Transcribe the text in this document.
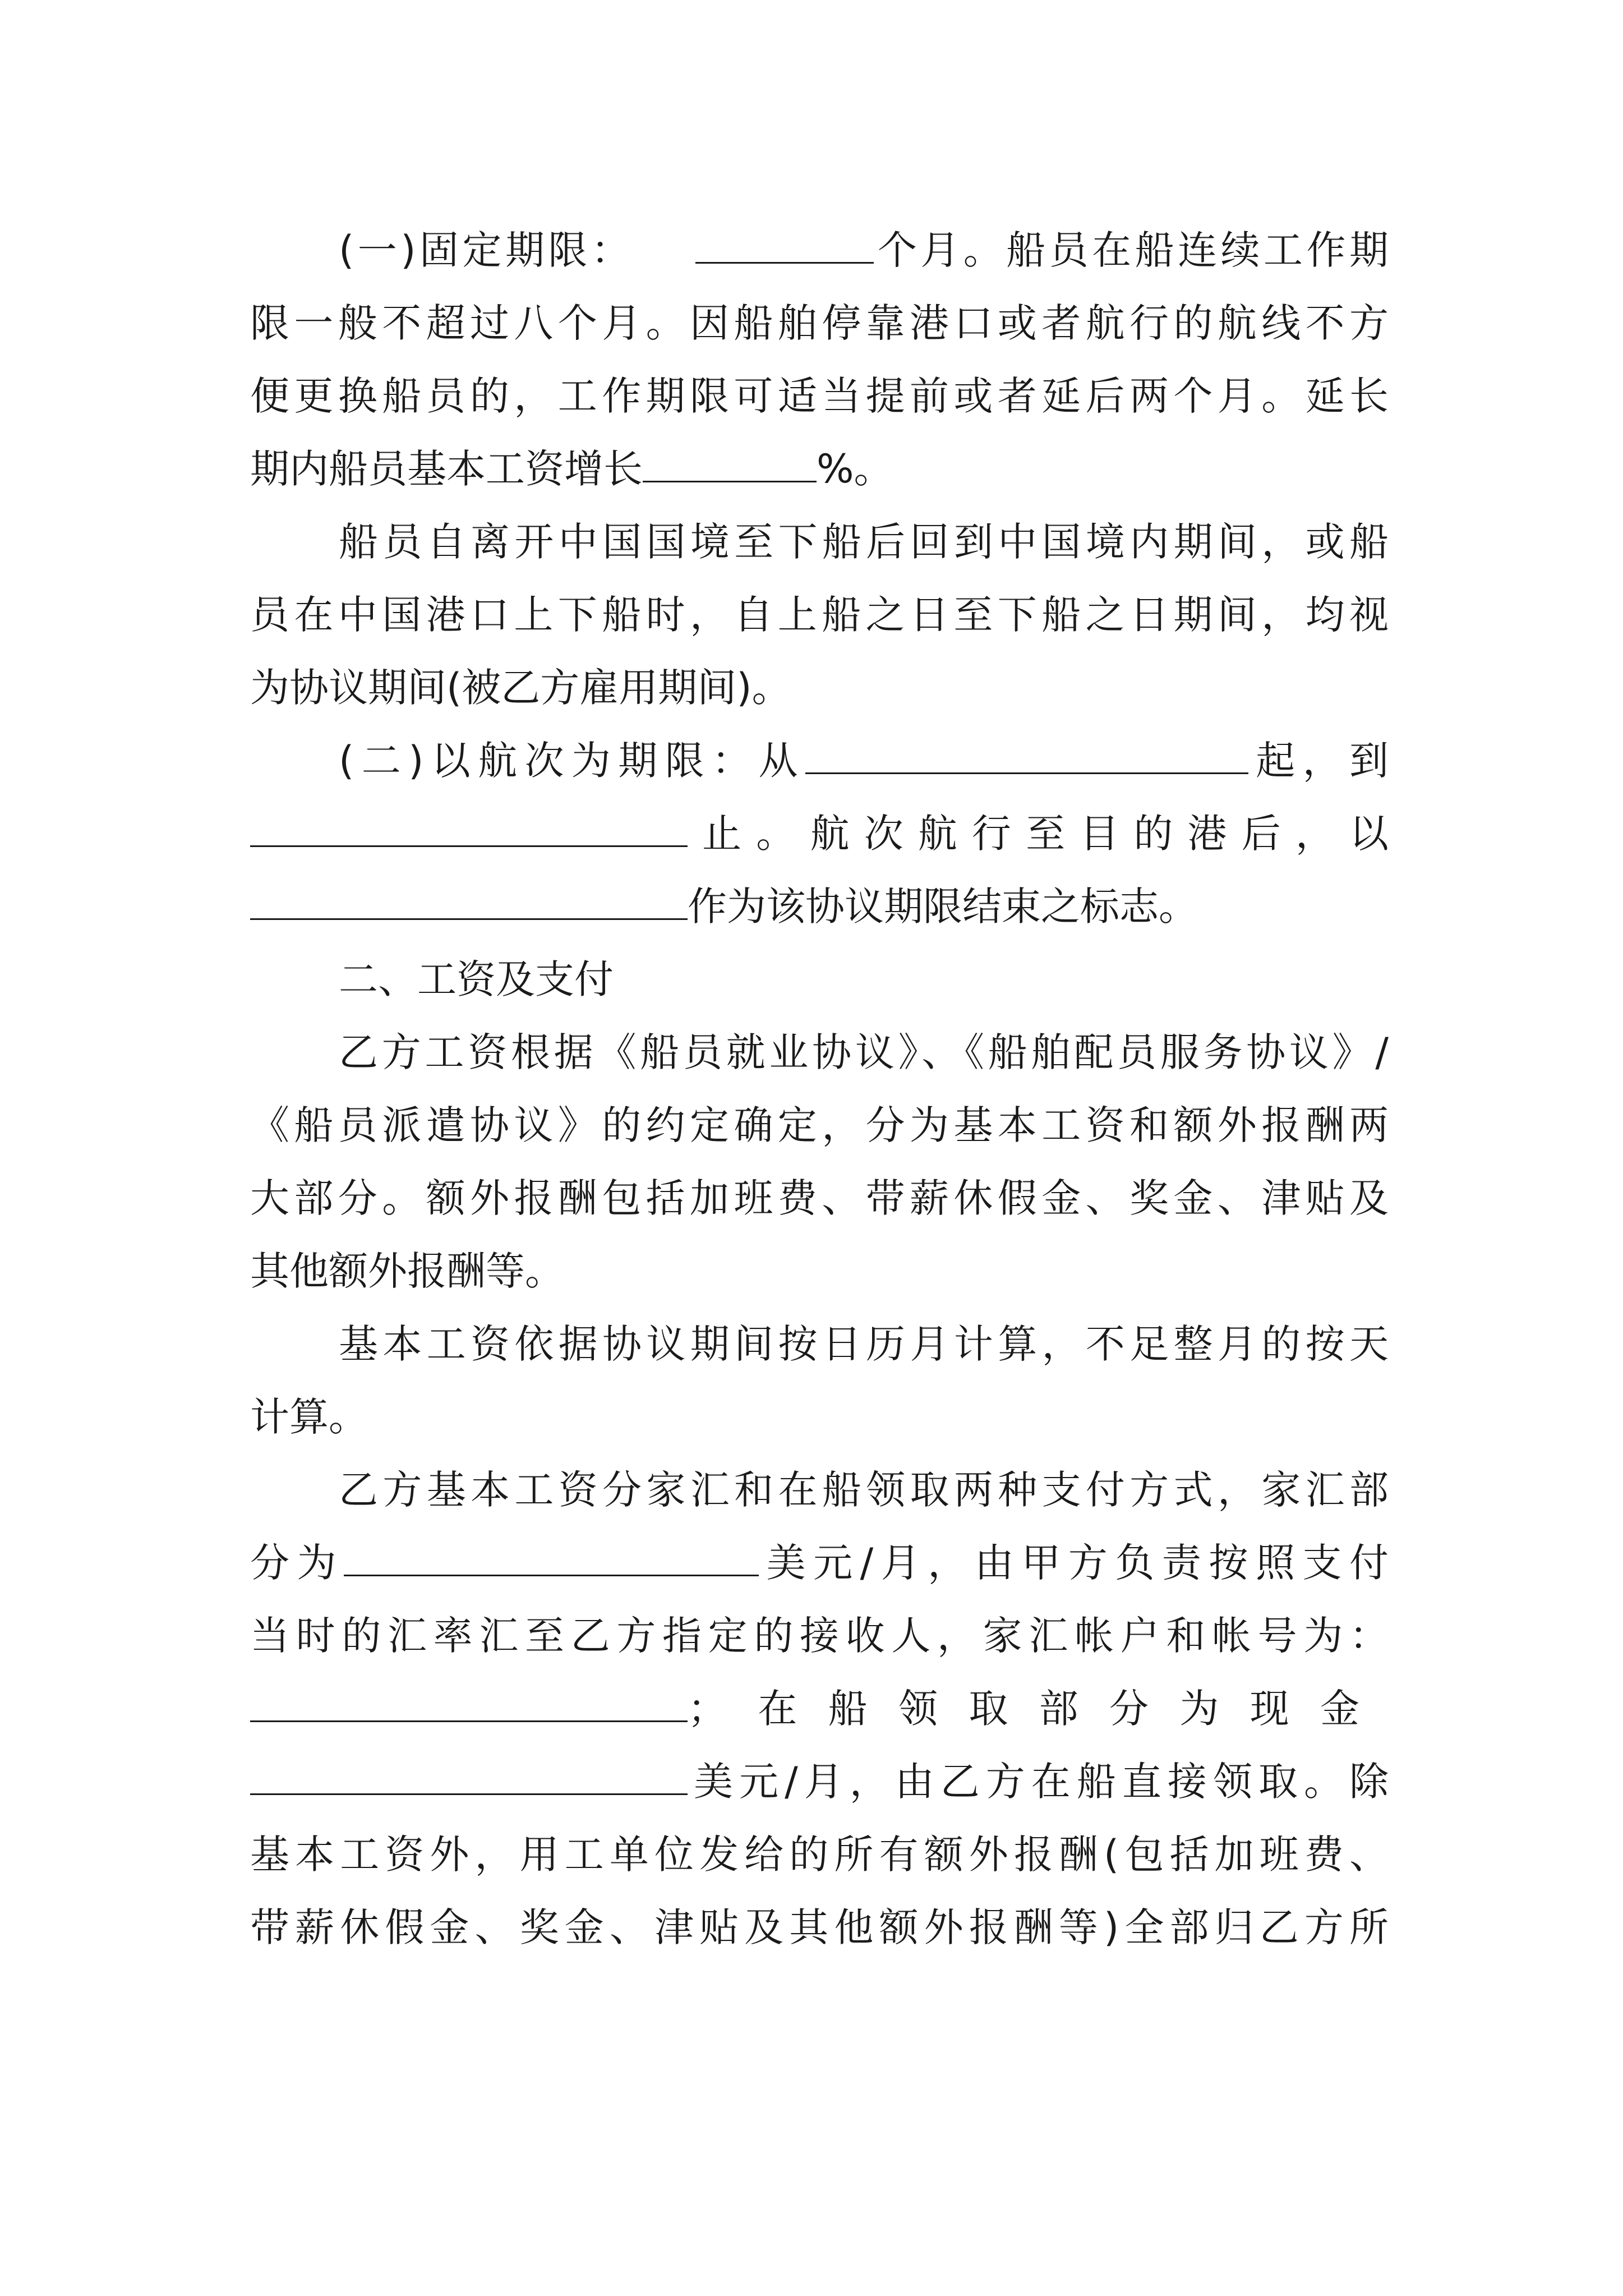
(一)固定期限：	个月。船员在船连续工作期
限一般不超过八个月。因船舶停靠港口或者航行的航线不方
便更换船员的，工作期限可适当提前或者延后两个月。延长
期内船员基本工资增长	%。
船员自离开中国国境至下船后回到中国境内期间，或船
员在中国港口上下船时，自上船之日至下船之日期间，均视
为协议期间(被乙方雇用期间)。
(二)以航次为期限：从	起，到
止。航次航行至目的港后，以
作为该协议期限结束之标志。
二、工资及支付
乙方工资根据《船员就业协议》、《船舶配员服务协议》/
《船员派遣协议》的约定确定，分为基本工资和额外报酬两
大部分。额外报酬包括加班费、带薪休假金、奖金、津贴及
其他额外报酬等。
基本工资依据协议期间按日历月计算，不足整月的按天
计算。
乙方基本工资分家汇和在船领取两种支付方式，家汇部
分为	美元/月，由甲方负责按照支付
当时的汇率汇至乙方指定的接收人，家汇帐户和帐号为：
；在船领取部分为现金
美元/月，由乙方在船直接领取。除
基本工资外，用工单位发给的所有额外报酬(包括加班费、
带薪休假金、奖金、津贴及其他额外报酬等)全部归乙方所
